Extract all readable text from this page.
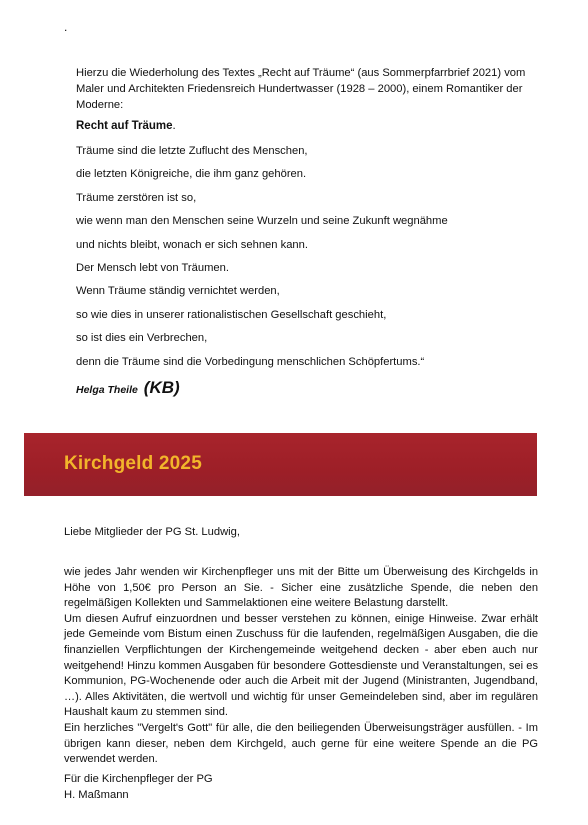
.
Hierzu die Wiederholung des Textes „Recht auf Träume“ (aus Sommerpfarrbrief 2021) vom Maler und Architekten Friedensreich Hundertwasser (1928 – 2000), einem Romantiker der Moderne:
Recht auf Träume.
Träume sind die letzte Zuflucht des Menschen,
die letzten Königreiche, die ihm ganz gehören.
Träume zerstören ist so,
wie wenn man den Menschen seine Wurzeln und seine Zukunft wegnähme
und nichts bleibt, wonach er sich sehnen kann.
Der Mensch lebt von Träumen.
Wenn Träume ständig vernichtet werden,
so wie dies in unserer rationalistischen Gesellschaft geschieht,
so ist dies ein Verbrechen,
denn die Träume sind die Vorbedingung menschlichen Schöpfertums.“
Helga Theile (KB)
Kirchgeld 2025
Liebe Mitglieder der PG St. Ludwig,

wie jedes Jahr wenden wir Kirchenpfleger uns mit der Bitte um Überweisung des Kirchgelds in Höhe von 1,50€ pro Person an Sie. - Sicher eine zusätzliche Spende, die neben den regelmäßigen Kollekten und Sammelaktionen eine weitere Belastung darstellt.

Um diesen Aufruf einzuordnen und besser verstehen zu können, einige Hinweise. Zwar erhält jede Gemeinde vom Bistum einen Zuschuss für die laufenden, regelmäßigen Ausgaben, die die finanziellen Verpflichtungen der Kirchengemeinde weitgehend decken - aber eben auch nur weitgehend! Hinzu kommen Ausgaben für besondere Gottesdienste und Veranstaltungen, sei es Kommunion, PG-Wochenende oder auch die Arbeit mit der Jugend (Ministranten, Jugendband, …). Alles Aktivitäten, die wertvoll und wichtig für unser Gemeindeleben sind, aber im regulären Haushalt kaum zu stemmen sind.

Ein herzliches "Vergelt's Gott" für alle, die den beiliegenden Überweisungsträger ausfüllen. - Im übrigen kann dieser, neben dem Kirchgeld, auch gerne für eine weitere Spende an die PG verwendet werden.

Für die Kirchenpfleger der PG
H. Maßmann
